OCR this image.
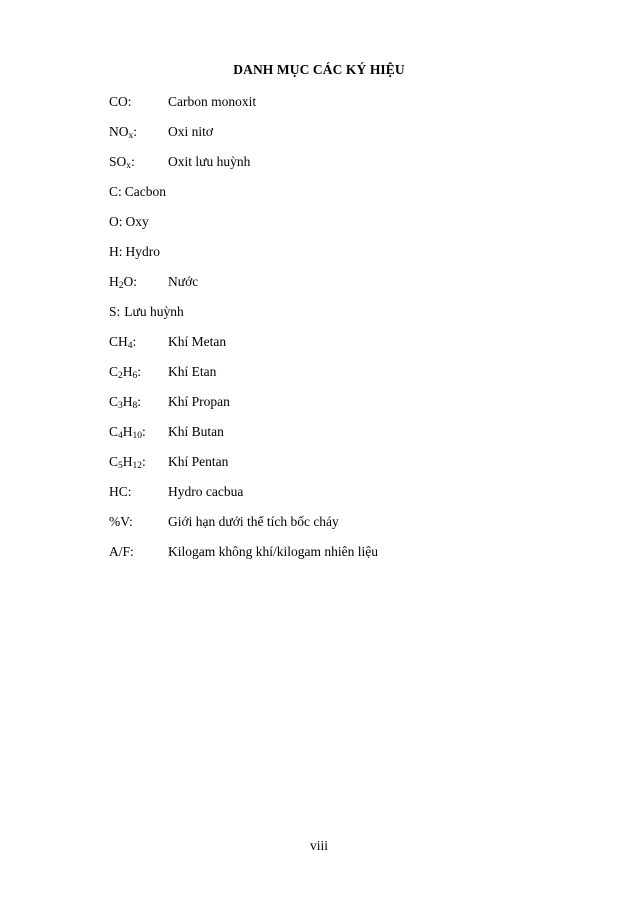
DANH MỤC CÁC KÝ HIỆU
CO:	Carbon monoxit
$NO_x$: Oxi nitơ
$SO_x$: Oxit lưu huỳnh
C: Cacbon
O: Oxy
H: Hydro
$H_2O$: Nước
S: Lưu huỳnh
$CH_4$: Khí Metan
$C_2H_6$: Khí Etan
$C_3H_8$: Khí Propan
$C_4H_{10}$: Khí Butan
$C_5H_{12}$: Khí Pentan
HC:	Hydro cacbua
%V:	Giới hạn dưới thể tích bốc cháy
A/F:	Kilogam không khí/kilogam nhiên liệu
viii
